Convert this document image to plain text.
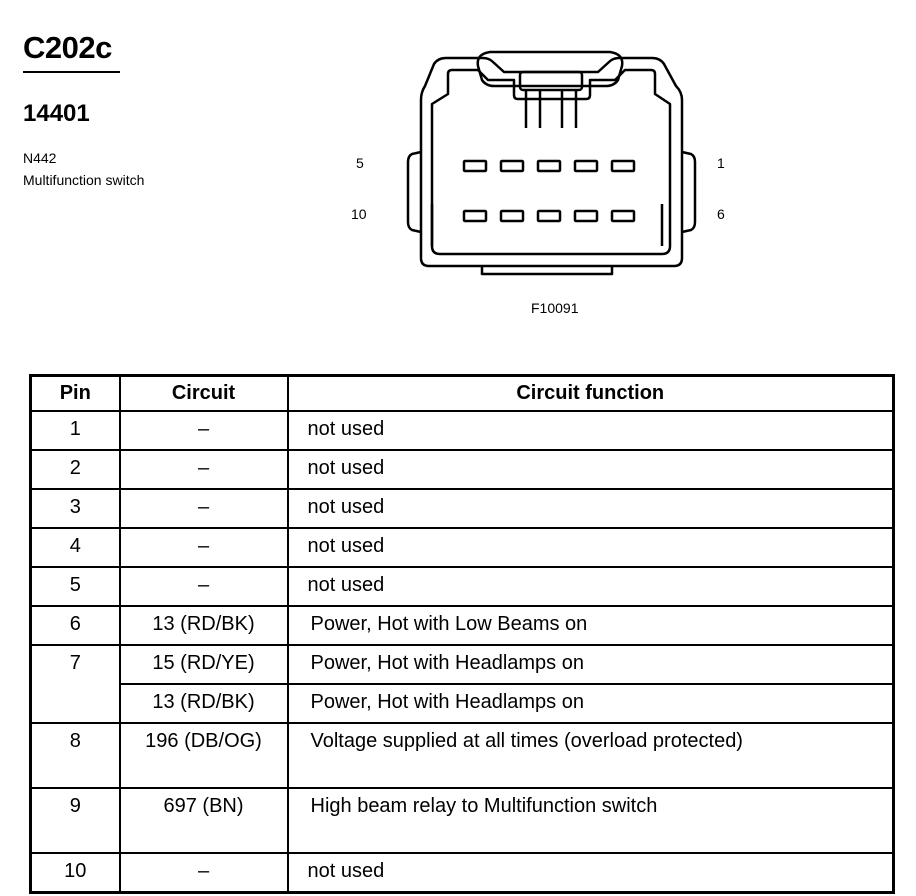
C202c
14401
N442
Multifunction switch
5	1
10	6
F10091
Pin	Circuit	Circuit function
1	–	not used
2	–	not used
3	–	not used
4	–	not used
5	–	not used
6	13 (RD/BK)	Power, Hot with Low Beams on
7	15 (RD/YE)	Power, Hot with Headlamps on
	13 (RD/BK)	Power, Hot with Headlamps on
8	196 (DB/OG)	Voltage supplied at all times (overload protected)
9	697 (BN)	High beam relay to Multifunction switch
10	–	not used
